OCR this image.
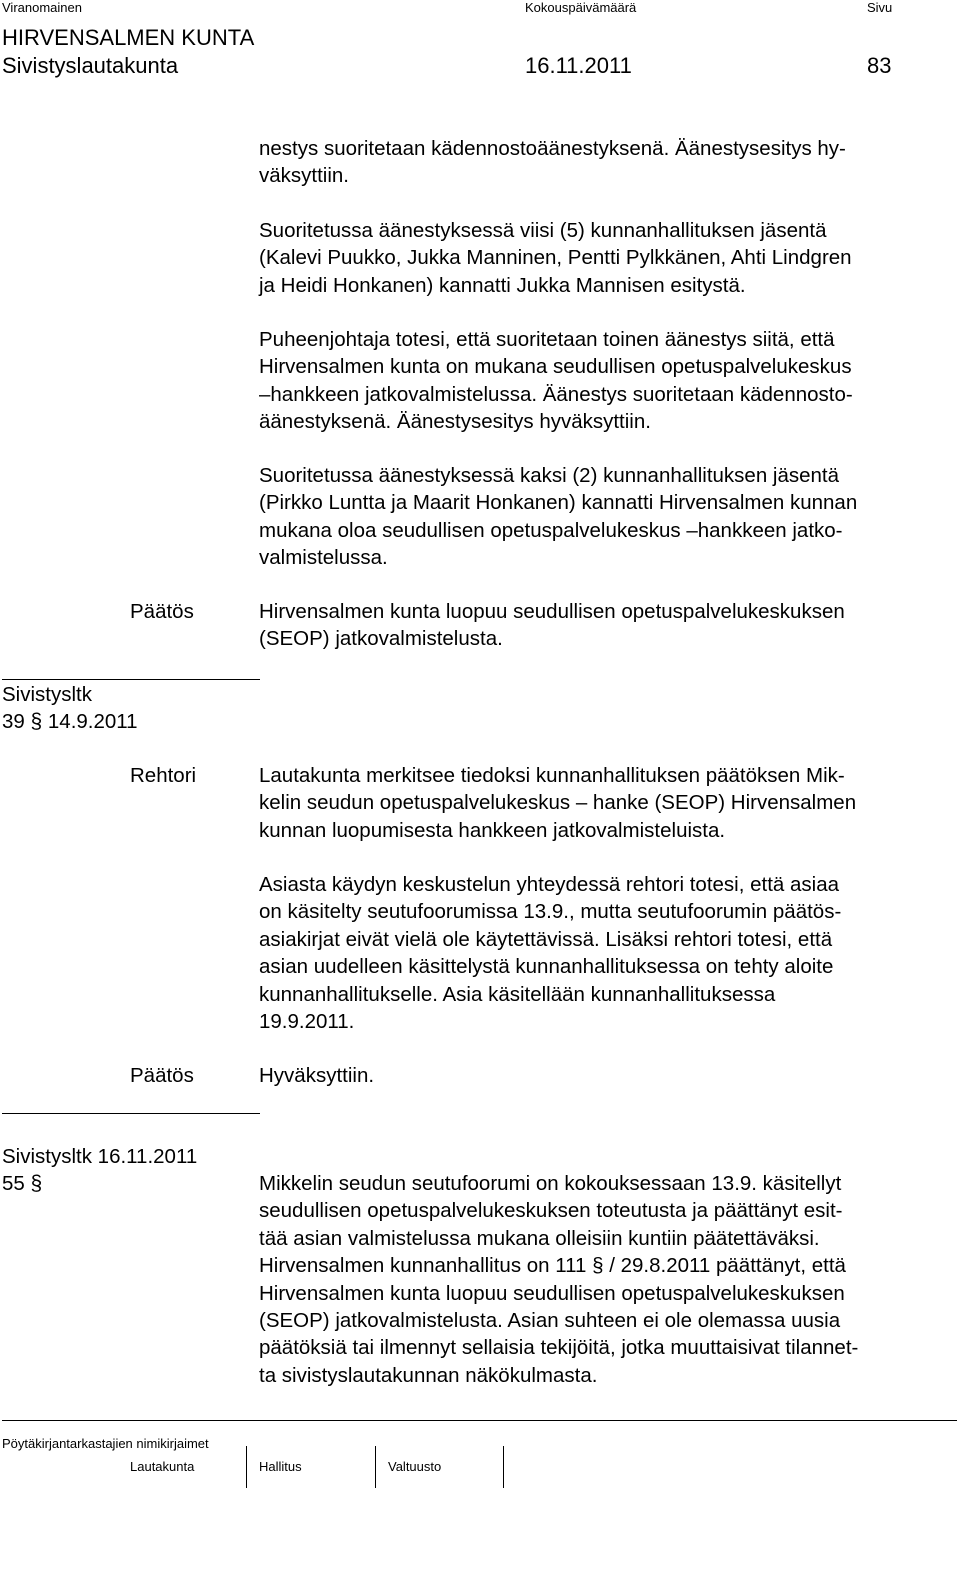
Viranomainen	Kokouspäivämäärä	Sivu
HIRVENSALMEN KUNTA
Sivistyslautakunta	16.11.2011	83
nestys suoritetaan kädennostoäänestyksenä. Äänestysesitys hy-
väksyttiin.
Suoritetussa äänestyksessä viisi (5) kunnanhallituksen jäsentä
(Kalevi Puukko, Jukka Manninen, Pentti Pylkkänen, Ahti Lindgren
ja Heidi Honkanen) kannatti Jukka Mannisen esitystä.
Puheenjohtaja totesi, että suoritetaan toinen äänestys siitä, että
Hirvensalmen kunta on mukana seudullisen opetuspalvelukeskus
–hankkeen jatkovalmistelussa. Äänestys suoritetaan kädennosto-
äänestyksenä. Äänestysesitys hyväksyttiin.
Suoritetussa äänestyksessä kaksi (2) kunnanhallituksen jäsentä
(Pirkko Luntta ja Maarit Honkanen) kannatti Hirvensalmen kunnan
mukana oloa seudullisen opetuspalvelukeskus –hankkeen jatko-
valmistelussa.
Päätös	Hirvensalmen kunta luopuu seudullisen opetuspalvelukeskuksen
(SEOP) jatkovalmistelusta.
Sivistysltk
39 § 14.9.2011
Rehtori	Lautakunta merkitsee tiedoksi kunnanhallituksen päätöksen Mik-
kelin seudun opetuspalvelukeskus – hanke (SEOP) Hirvensalmen
kunnan luopumisesta hankkeen jatkovalmisteluista.
Asiasta käydyn keskustelun yhteydessä rehtori totesi, että asiaa
on käsitelty seutufoorumissa 13.9., mutta seutufoorumin päätös-
asiakirjat eivät vielä ole käytettävissä. Lisäksi rehtori totesi, että
asian uudelleen käsittelystä kunnanhallituksessa on tehty aloite
kunnanhallitukselle. Asia käsitellään kunnanhallituksessa
19.9.2011.
Päätös	Hyväksyttiin.
Sivistysltk 16.11.2011
55 §	Mikkelin seudun seutufoorumi on kokouksessaan 13.9. käsitellyt
seudullisen opetuspalvelukeskuksen toteutusta ja päättänyt esit-
tää asian valmistelussa mukana olleisiin kuntiin päätettäväksi.
Hirvensalmen kunnanhallitus on 111 § / 29.8.2011 päättänyt, että
Hirvensalmen kunta luopuu seudullisen opetuspalvelukeskuksen
(SEOP) jatkovalmistelusta. Asian suhteen ei ole olemassa uusia
päätöksiä tai ilmennyt sellaisia tekijöitä, jotka muuttaisivat tilannet-
ta sivistyslautakunnan näkökulmasta.
Pöytäkirjantarkastajien nimikirjaimet
Lautakunta	Hallitus	Valtuusto
